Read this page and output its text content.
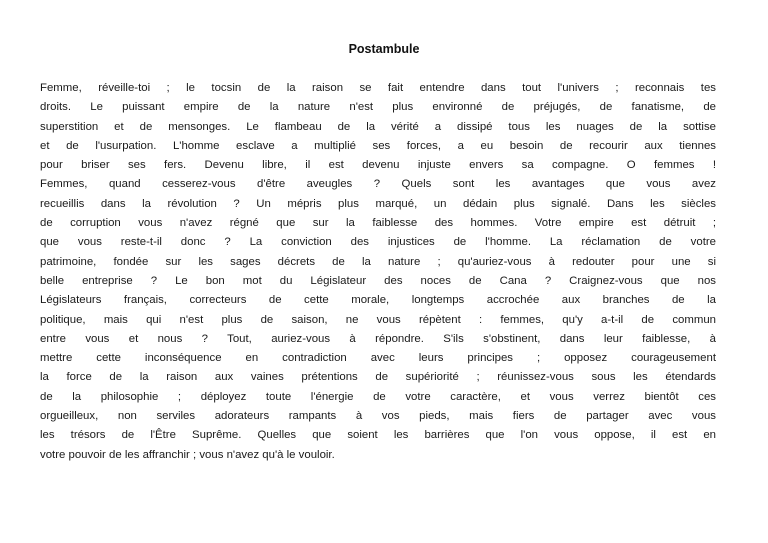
Postambule
Femme, réveille-toi ; le tocsin de la raison se fait entendre dans tout l'univers ; reconnais tes
droits. Le puissant empire de la nature n'est plus environné de préjugés, de fanatisme, de
superstition et de mensonges. Le flambeau de la vérité a dissipé tous les nuages de la sottise
et de l'usurpation. L'homme esclave a multiplié ses forces, a eu besoin de recourir aux tiennes
pour briser ses fers. Devenu libre, il est devenu injuste envers sa compagne. O femmes !
Femmes, quand cesserez-vous d'être aveugles ? Quels sont les avantages que vous avez
recueillis dans la révolution ? Un mépris plus marqué, un dédain plus signalé. Dans les siècles
de corruption vous n'avez régné que sur la faiblesse des hommes. Votre empire est détruit ;
que vous reste-t-il donc ? La conviction des injustices de l'homme. La réclamation de votre
patrimoine, fondée sur les sages décrets de la nature ; qu'auriez-vous à redouter pour une si
belle entreprise ? Le bon mot du Législateur des noces de Cana ? Craignez-vous que nos
Législateurs français, correcteurs de cette morale, longtemps accrochée aux branches de la
politique, mais qui n'est plus de saison, ne vous répètent : femmes, qu'y a-t-il de commun
entre vous et nous ? Tout, auriez-vous à répondre. S'ils s'obstinent, dans leur faiblesse, à
mettre cette inconséquence en contradiction avec leurs principes ; opposez courageusement
la force de la raison aux vaines prétentions de supériorité ; réunissez-vous sous les étendards
de la philosophie ; déployez toute l'énergie de votre caractère, et vous verrez bientôt ces
orgueilleux, non serviles adorateurs rampants à vos pieds, mais fiers de partager avec vous
les trésors de l'Être Suprême. Quelles que soient les barrières que l'on vous oppose, il est en
votre pouvoir de les affranchir ; vous n'avez qu'à le vouloir.
